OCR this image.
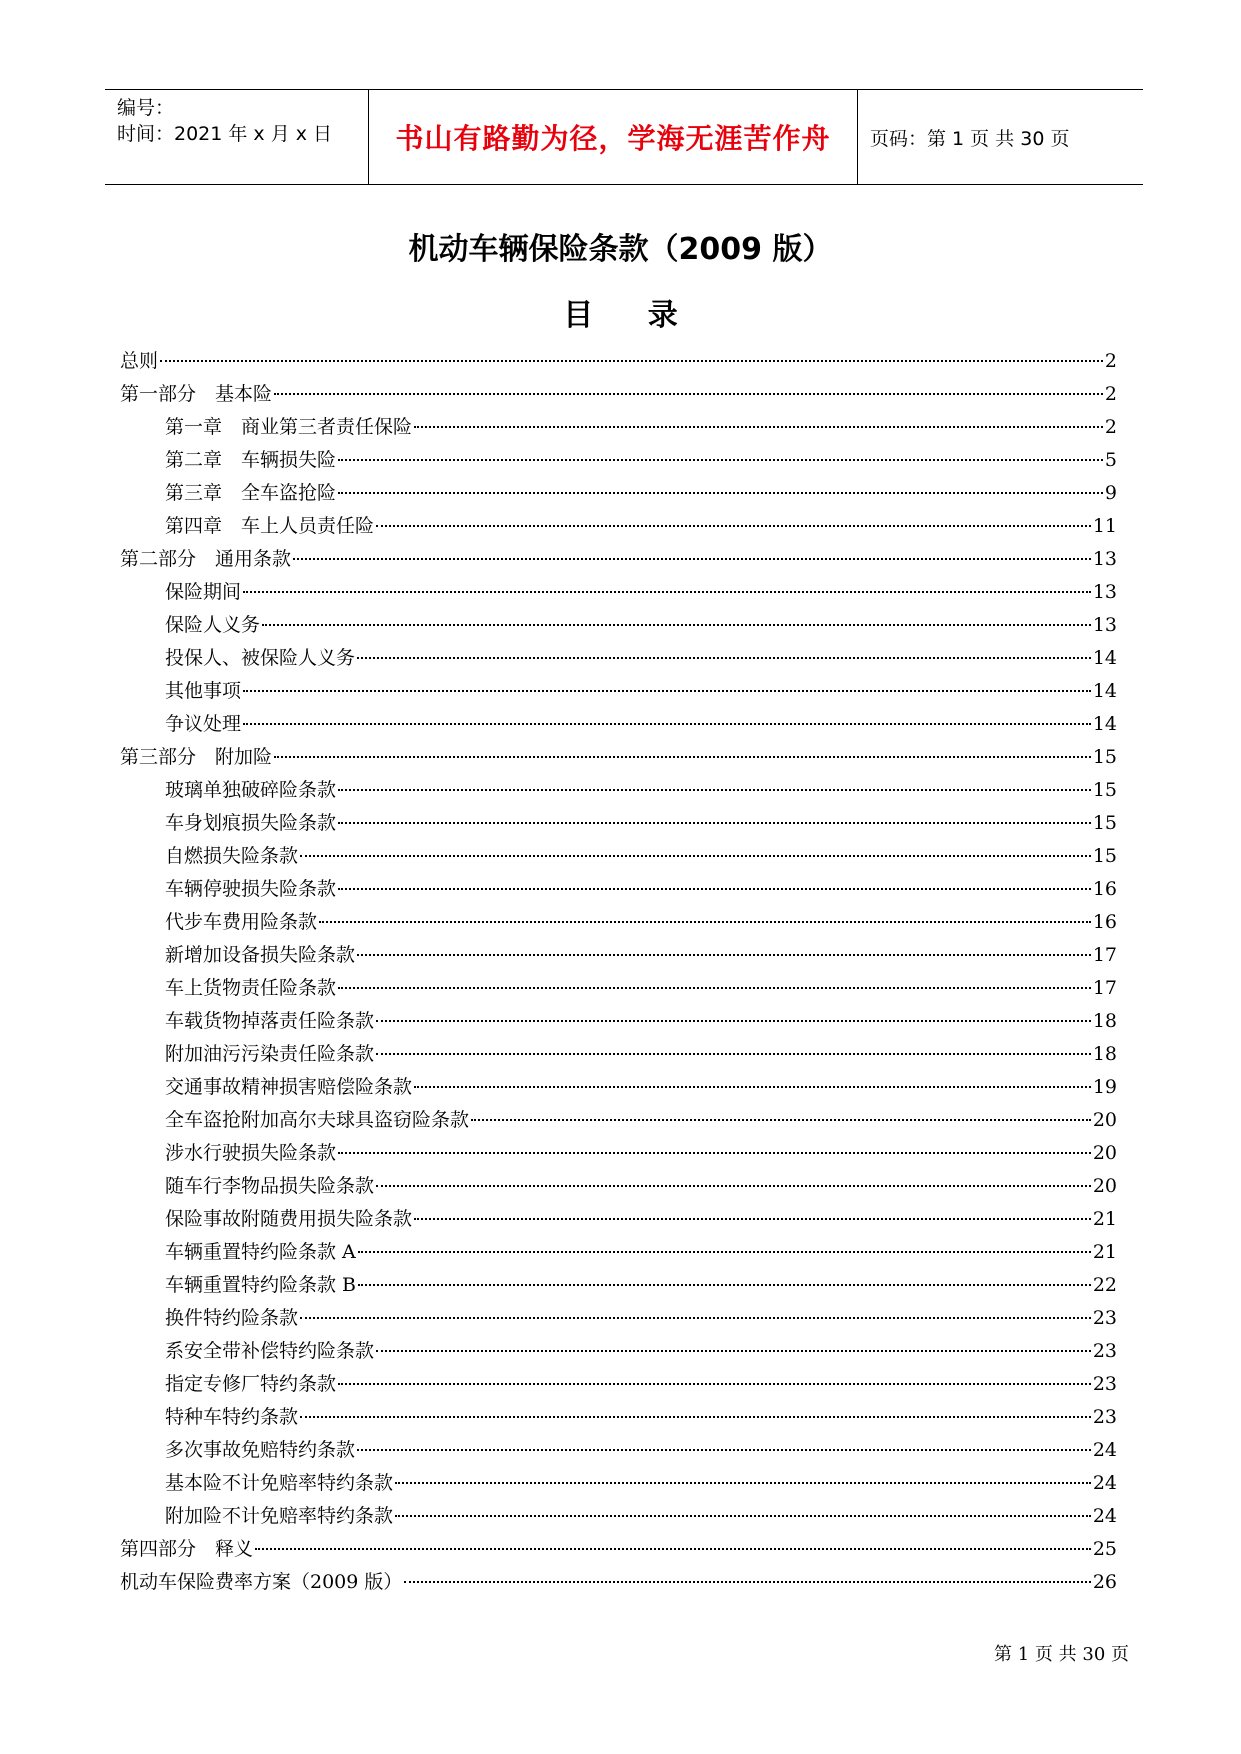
编号：
时间：2021 年 x 月 x 日	书山有路勤为径，学海无涯苦作舟 页码：第 1 页 共 30 页
机动车辆保险条款（2009 版）
目 录
总则	2
第一部分　基本险	2
第一章　商业第三者责任保险	2
第二章　车辆损失险	5
第三章　全车盗抢险	9
第四章　车上人员责任险	11
第二部分　通用条款	13
保险期间	13
保险人义务	13
投保人、被保险人义务	14
其他事项	14
争议处理	14
第三部分　附加险	15
玻璃单独破碎险条款	15
车身划痕损失险条款	15
自燃损失险条款	15
车辆停驶损失险条款	16
代步车费用险条款	16
新增加设备损失险条款	17
车上货物责任险条款	17
车载货物掉落责任险条款	18
附加油污污染责任险条款	18
交通事故精神损害赔偿险条款	19
全车盗抢附加高尔夫球具盗窃险条款	20
涉水行驶损失险条款	20
随车行李物品损失险条款	20
保险事故附随费用损失险条款	21
车辆重置特约险条款 A	21
车辆重置特约险条款 B	22
换件特约险条款	23
系安全带补偿特约险条款	23
指定专修厂特约条款	23
特种车特约条款	23
多次事故免赔特约条款	24
基本险不计免赔率特约条款	24
附加险不计免赔率特约条款	24
第四部分　释义	25
机动车保险费率方案（2009 版）	26
第 1 页 共 30 页
